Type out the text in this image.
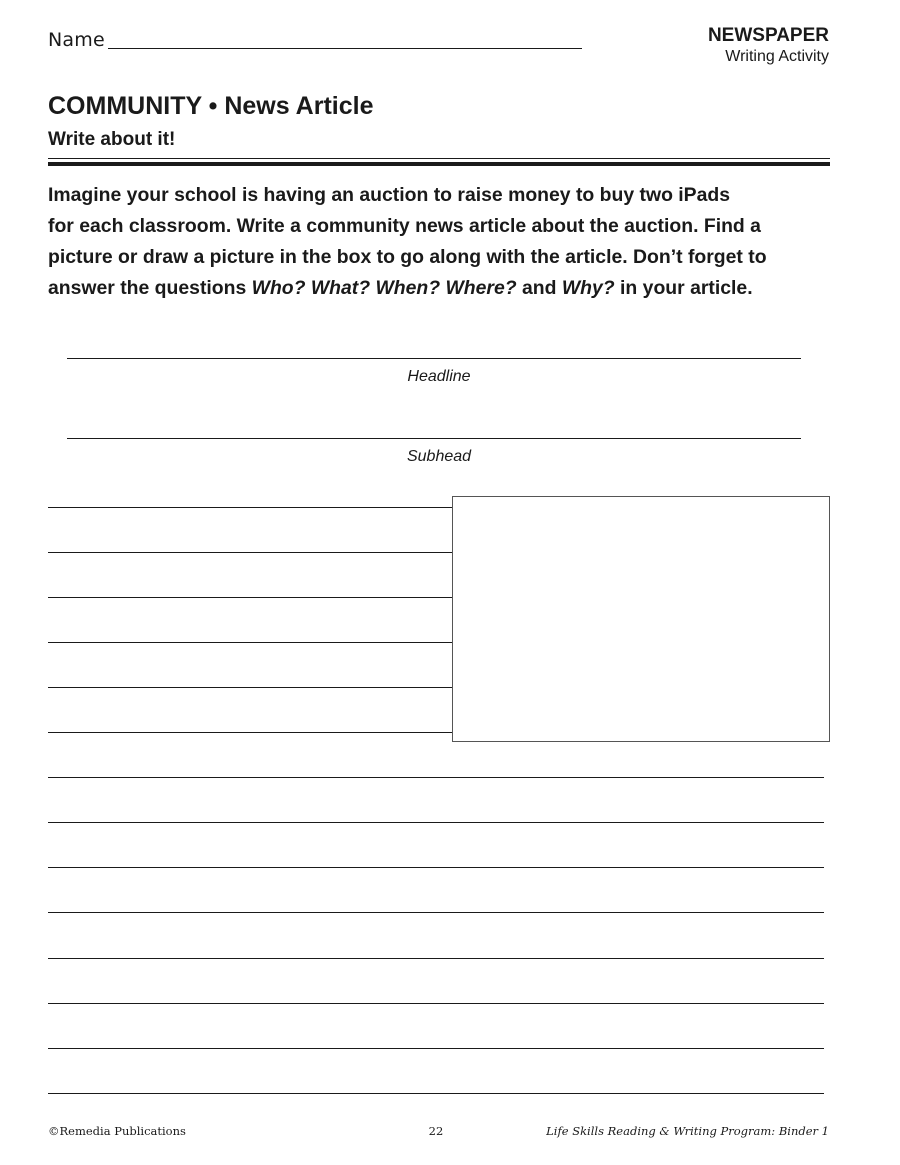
Name	NEWSPAPER
Writing Activity
COMMUNITY • News Article
Write about it!
Imagine your school is having an auction to raise money to buy two iPads
for each classroom. Write a community news article about the auction. Find a
picture or draw a picture in the box to go along with the article. Don’t forget to
answer the questions Who? What? When? Where? and Why? in your article.
Headline
Subhead
©Remedia Publications	22	Life Skills Reading & Writing Program: Binder 1
